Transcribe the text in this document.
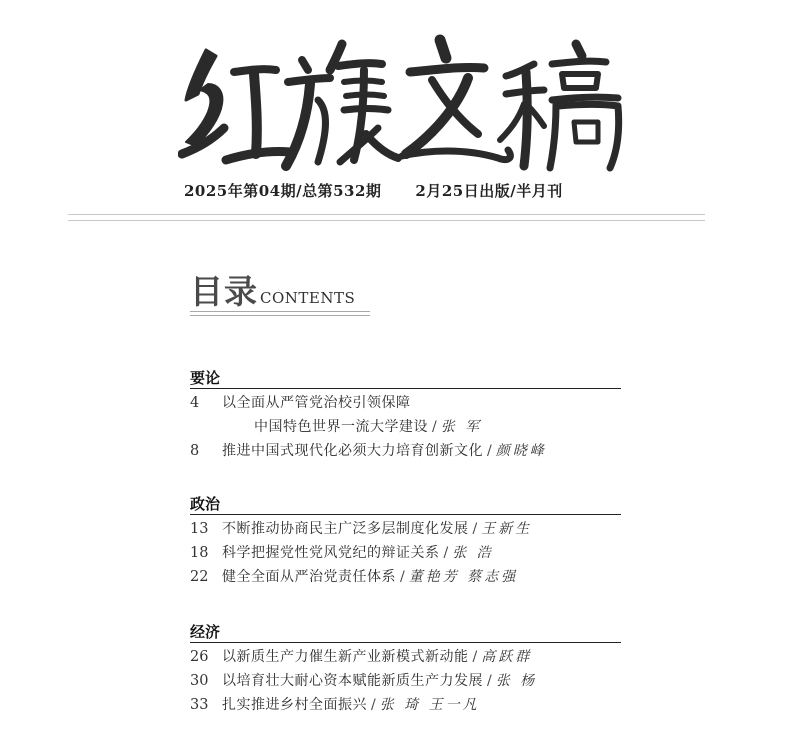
2025年第04期/总第532期 2月25日出版/半月刊
目录 CONTENTS
要论
4 以全面从严管党治校引领保障
中国特色世界一流大学建设 / 张 军
8 推进中国式现代化必须大力培育创新文化 / 颜晓峰
政治
13 不断推动协商民主广泛多层制度化发展 / 王新生
18 科学把握党性党风党纪的辩证关系 / 张 浩
22 健全全面从严治党责任体系 / 董艳芳 蔡志强
经济
26 以新质生产力催生新产业新模式新动能 / 高跃群
30 以培育壮大耐心资本赋能新质生产力发展 / 张 杨
33 扎实推进乡村全面振兴 / 张 琦 王一凡
